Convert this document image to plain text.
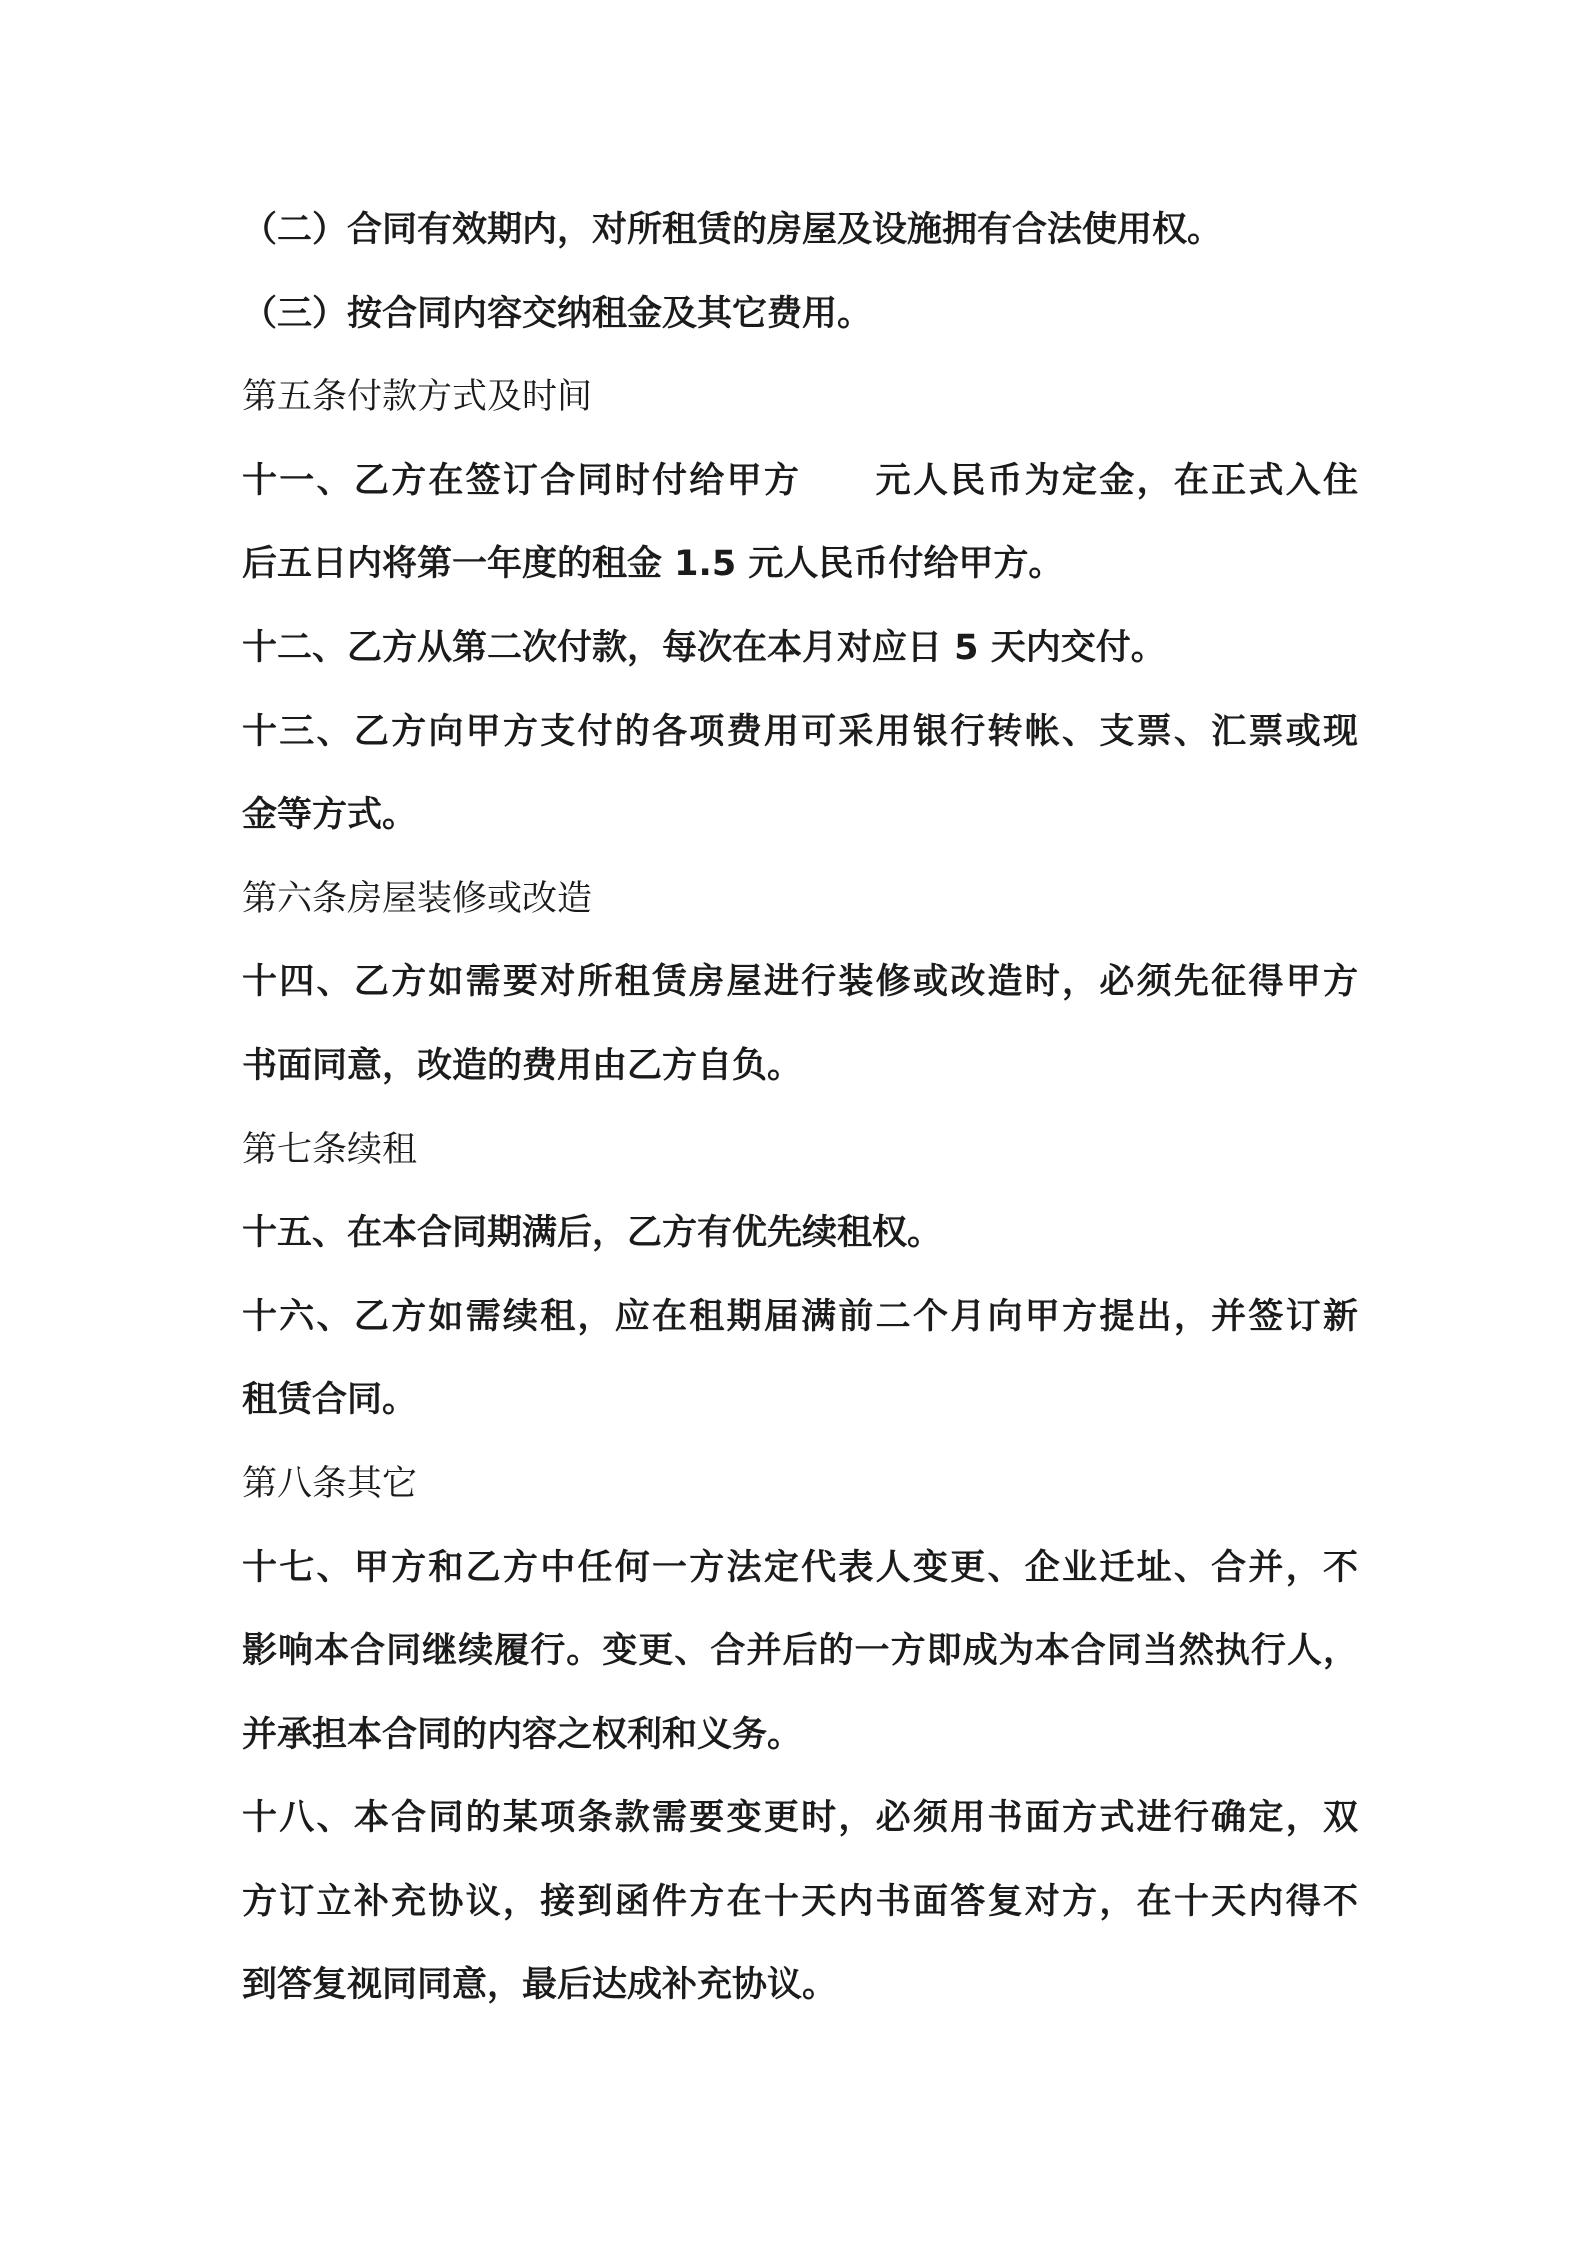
（二）合同有效期内，对所租赁的房屋及设施拥有合法使用权。
（三）按合同内容交纳租金及其它费用。
第五条付款方式及时间
十一、乙方在签订合同时付给甲方　　元人民币为定金，在正式入住
后五日内将第一年度的租金 1.5 元人民币付给甲方。
十二、乙方从第二次付款，每次在本月对应日 5 天内交付。
十三、乙方向甲方支付的各项费用可采用银行转帐、支票、汇票或现
金等方式。
第六条房屋装修或改造
十四、乙方如需要对所租赁房屋进行装修或改造时，必须先征得甲方
书面同意，改造的费用由乙方自负。
第七条续租
十五、在本合同期满后，乙方有优先续租权。
十六、乙方如需续租，应在租期届满前二个月向甲方提出，并签订新
租赁合同。
第八条其它
十七、甲方和乙方中任何一方法定代表人变更、企业迁址、合并，不
影响本合同继续履行。变更、合并后的一方即成为本合同当然执行人，
并承担本合同的内容之权利和义务。
十八、本合同的某项条款需要变更时，必须用书面方式进行确定，双
方订立补充协议，接到函件方在十天内书面答复对方，在十天内得不
到答复视同同意，最后达成补充协议。
